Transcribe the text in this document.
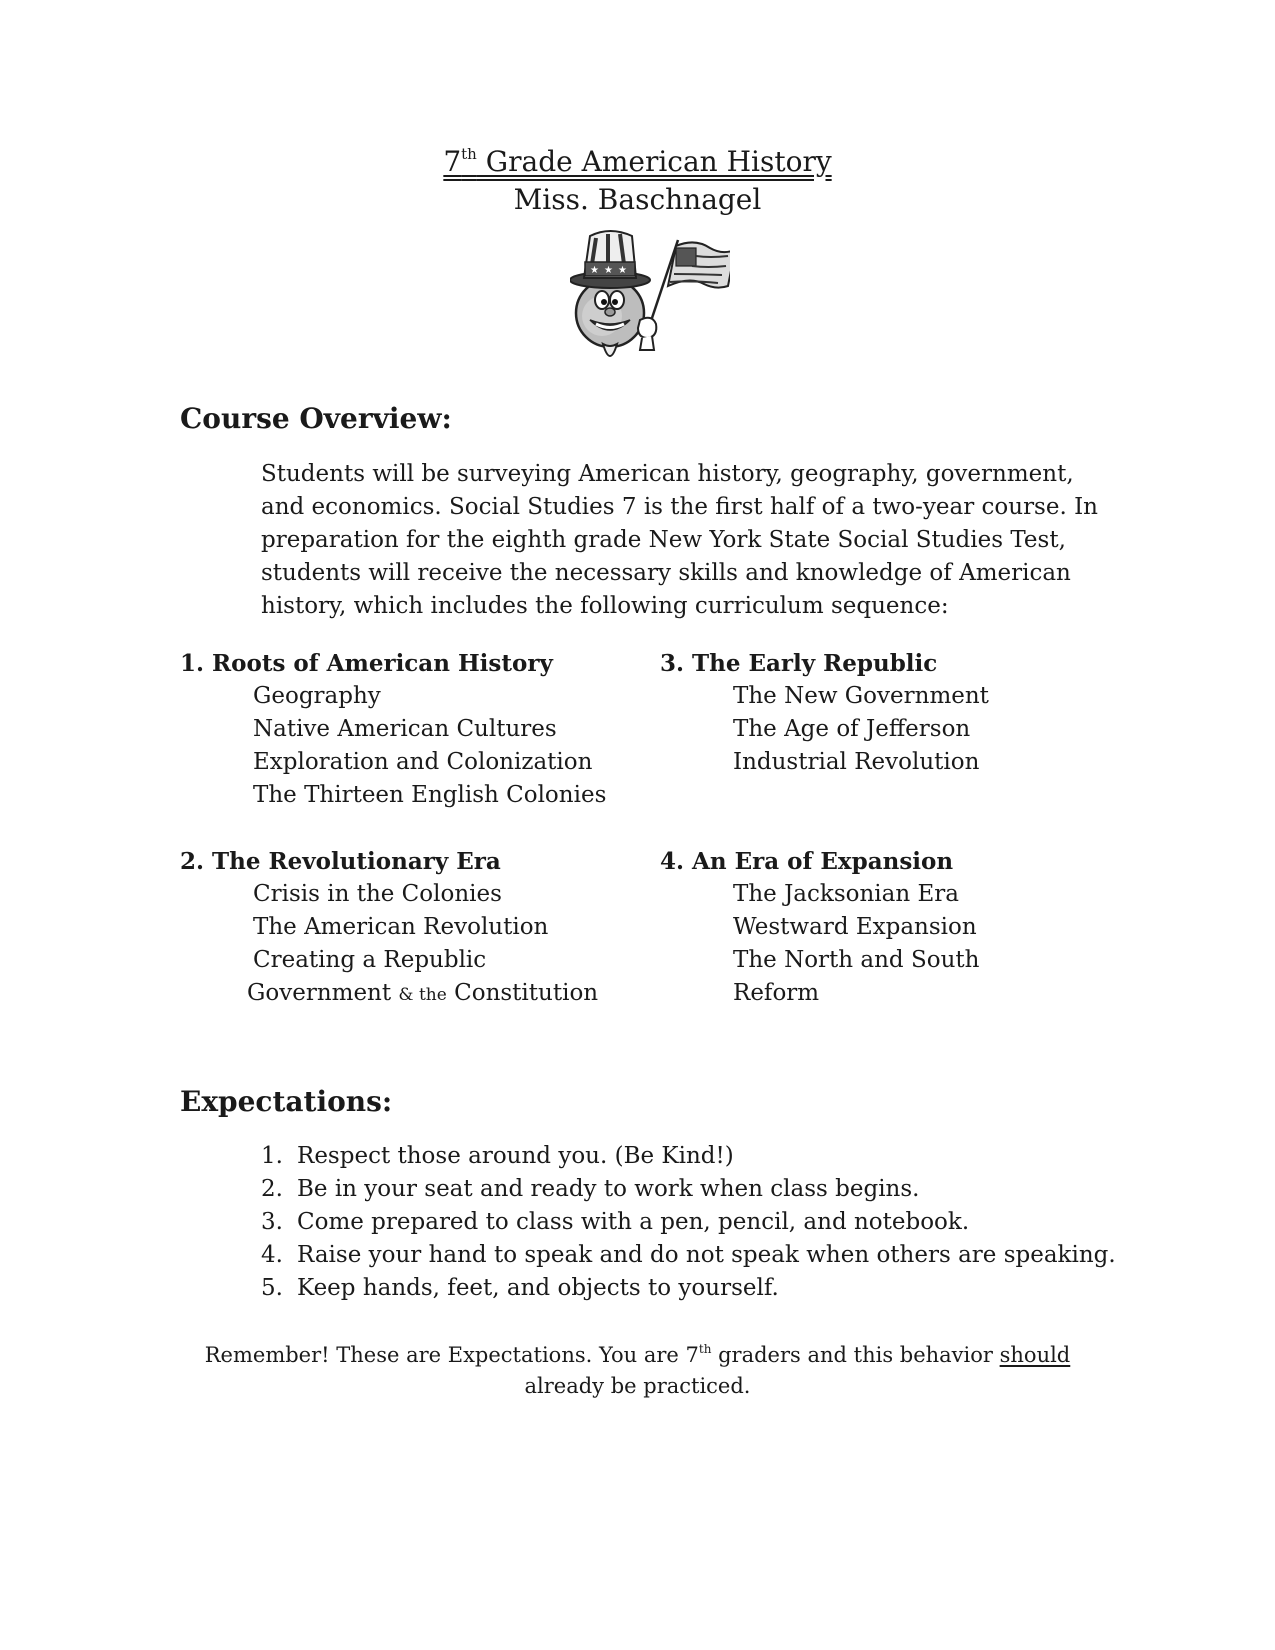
7th Grade American History
Miss. Baschnagel
★ ★ ★
Course Overview:

Students will be surveying American history, geography, government,

and economics. Social Studies 7 is the first half of a two-year course. In

preparation for the eighth grade New York State Social Studies Test,

students will receive the necessary skills and knowledge of American

history, which includes the following curriculum sequence:

1. Roots of American History
Geography
Native American Cultures
Exploration and Colonization
The Thirteen English Colonies
2. The Revolutionary Era
Crisis in the Colonies
The American Revolution
Creating a Republic
Government & the Constitution
3. The Early Republic
The New Government
The Age of Jefferson
Industrial Revolution
4. An Era of Expansion
The Jacksonian Era
Westward Expansion
The North and South
Reform
Expectations:
1. Respect those around you. (Be Kind!)
2. Be in your seat and ready to work when class begins.
3. Come prepared to class with a pen, pencil, and notebook.
4. Raise your hand to speak and do not speak when others are speaking.
5. Keep hands, feet, and objects to yourself.
Remember! These are Expectations. You are 7th graders and this behavior should
already be practiced.
